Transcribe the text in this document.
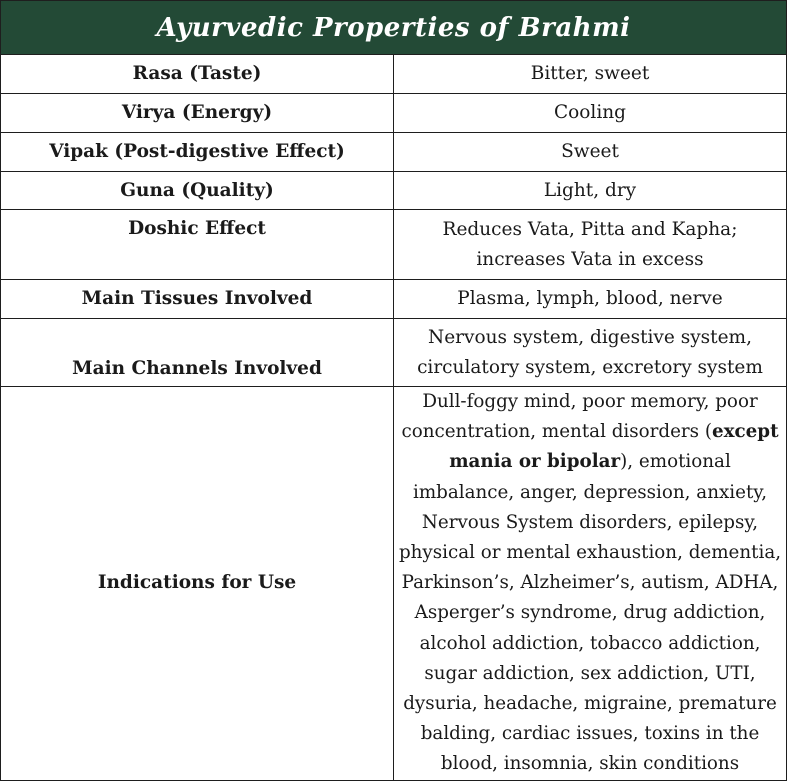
Ayurvedic Properties of Brahmi	
Rasa (Taste)	Bitter, sweet
Virya (Energy)	Cooling
Vipak (Post-digestive Effect)	Sweet
Guna (Quality)	Light, dry
Doshic Effect	Reduces Vata, Pitta and Kapha; increases Vata in excess
Main Tissues Involved	Plasma, lymph, blood, nerve
Main Channels Involved	Nervous system, digestive system, circulatory system, excretory system
Indications for Use	Dull-foggy mind, poor memory, poor concentration, mental disorders (except mania or bipolar), emotional imbalance, anger, depression, anxiety, Nervous System disorders, epilepsy, physical or mental exhaustion, dementia, Parkinson’s, Alzheimer’s, autism, ADHA, Asperger’s syndrome, drug addiction, alcohol addiction, tobacco addiction, sugar addiction, sex addiction, UTI, dysuria, headache, migraine, premature balding, cardiac issues, toxins in the blood, insomnia, skin conditions
